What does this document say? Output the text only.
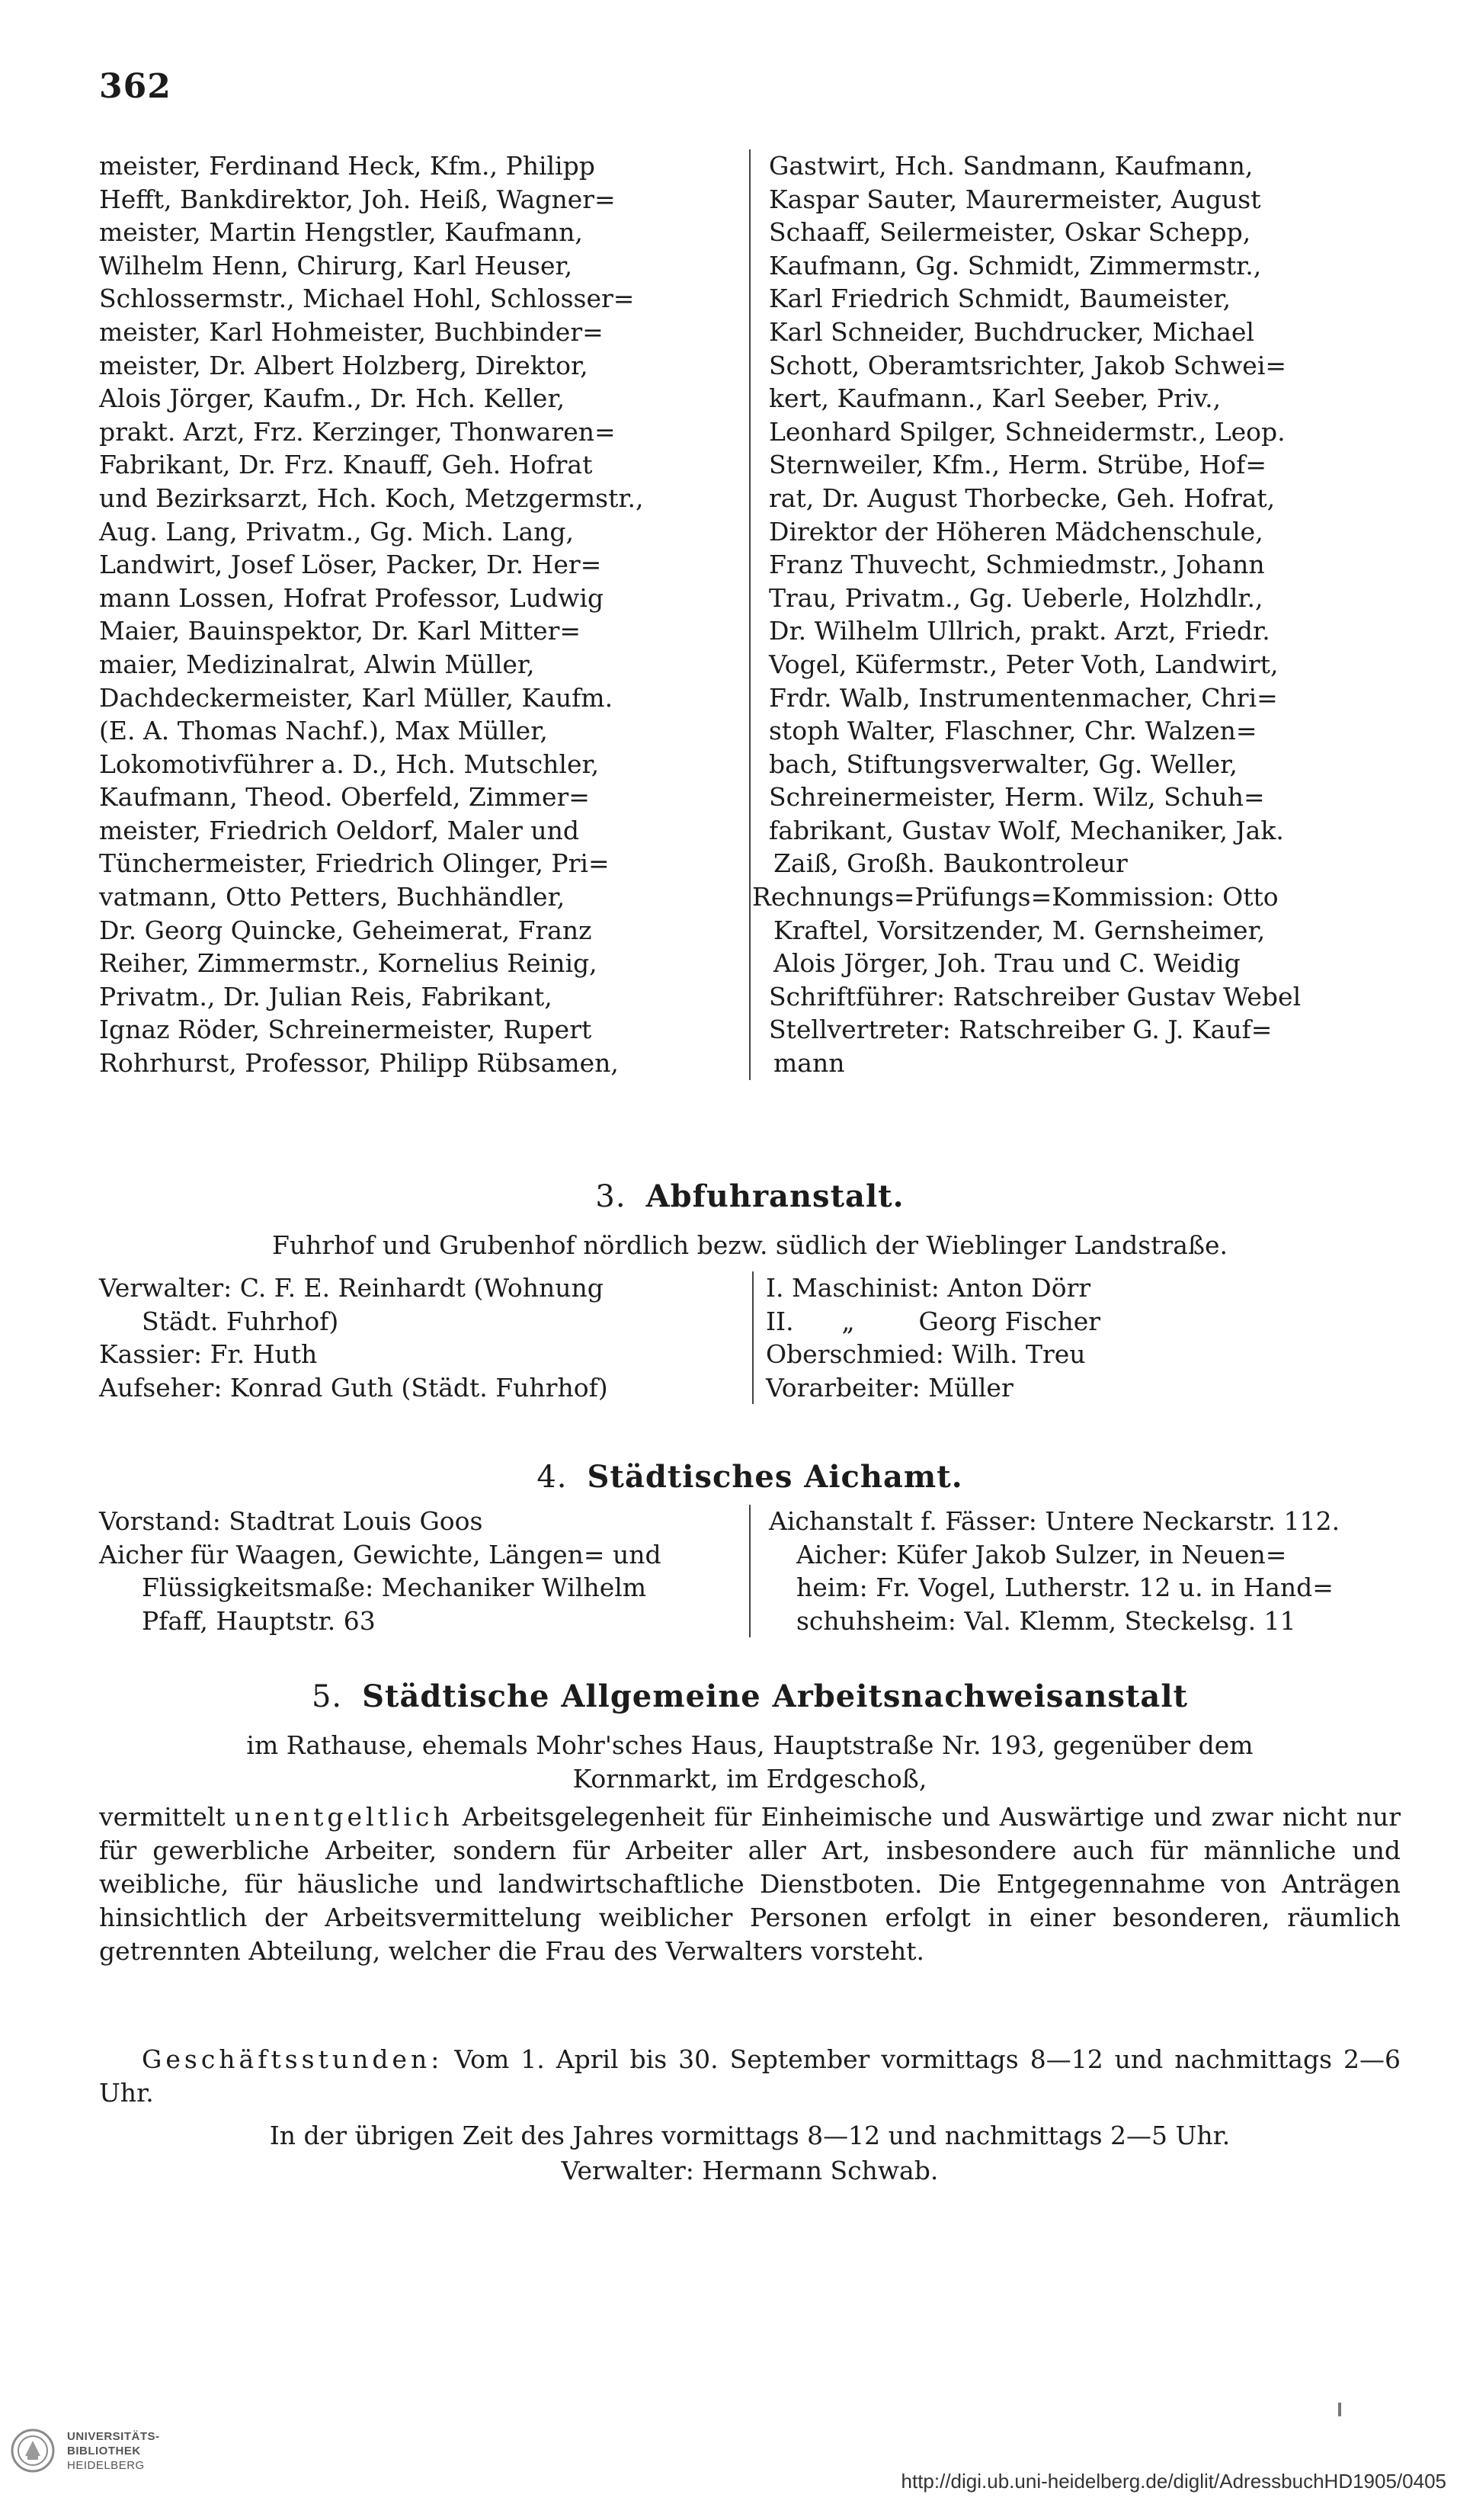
362
meister, Ferdinand Heck, Kfm., Philipp
Hefft, Bankdirektor, Joh. Heiß, Wagner=
meister, Martin Hengstler, Kaufmann,
Wilhelm Henn, Chirurg, Karl Heuser,
Schlossermstr., Michael Hohl, Schlosser=
meister, Karl Hohmeister, Buchbinder=
meister, Dr. Albert Holzberg, Direktor,
Alois Jörger, Kaufm., Dr. Hch. Keller,
prakt. Arzt, Frz. Kerzinger, Thonwaren=
Fabrikant, Dr. Frz. Knauff, Geh. Hofrat
und Bezirksarzt, Hch. Koch, Metzgermstr.,
Aug. Lang, Privatm., Gg. Mich. Lang,
Landwirt, Josef Löser, Packer, Dr. Her=
mann Lossen, Hofrat Professor, Ludwig
Maier, Bauinspektor, Dr. Karl Mitter=
maier, Medizinalrat, Alwin Müller,
Dachdeckermeister, Karl Müller, Kaufm.
(E. A. Thomas Nachf.), Max Müller,
Lokomotivführer a. D., Hch. Mutschler,
Kaufmann, Theod. Oberfeld, Zimmer=
meister, Friedrich Oeldorf, Maler und
Tünchermeister, Friedrich Olinger, Pri=
vatmann, Otto Petters, Buchhändler,
Dr. Georg Quincke, Geheimerat, Franz
Reiher, Zimmermstr., Kornelius Reinig,
Privatm., Dr. Julian Reis, Fabrikant,
Ignaz Röder, Schreinermeister, Rupert
Rohrhurst, Professor, Philipp Rübsamen,
Gastwirt, Hch. Sandmann, Kaufmann,
Kaspar Sauter, Maurermeister, August
Schaaff, Seilermeister, Oskar Schepp,
Kaufmann, Gg. Schmidt, Zimmermstr.,
Karl Friedrich Schmidt, Baumeister,
Karl Schneider, Buchdrucker, Michael
Schott, Oberamtsrichter, Jakob Schwei=
kert, Kaufmann., Karl Seeber, Priv.,
Leonhard Spilger, Schneidermstr., Leop.
Sternweiler, Kfm., Herm. Strübe, Hof=
rat, Dr. August Thorbecke, Geh. Hofrat,
Direktor der Höheren Mädchenschule,
Franz Thuvecht, Schmiedmstr., Johann
Trau, Privatm., Gg. Ueberle, Holzhdlr.,
Dr. Wilhelm Ullrich, prakt. Arzt, Friedr.
Vogel, Küfermstr., Peter Voth, Landwirt,
Frdr. Walb, Instrumentenmacher, Chri=
stoph Walter, Flaschner, Chr. Walzen=
bach, Stiftungsverwalter, Gg. Weller,
Schreinermeister, Herm. Wilz, Schuh=
fabrikant, Gustav Wolf, Mechaniker, Jak.
Zaiß, Großh. Baukontroleur
Rechnungs=Prüfungs=Kommission: Otto
Kraftel, Vorsitzender, M. Gernsheimer,
Alois Jörger, Joh. Trau und C. Weidig
Schriftführer: Ratschreiber Gustav Webel
Stellvertreter: Ratschreiber G. J. Kauf=
mann
3. Abfuhranstalt.
Fuhrhof und Grubenhof nördlich bezw. südlich der Wieblinger Landstraße.
Verwalter: C. F. E. Reinhardt (Wohnung
Städt. Fuhrhof)
Kassier: Fr. Huth
Aufseher: Konrad Guth (Städt. Fuhrhof)
I. Maschinist: Anton Dörr
II.      „        Georg Fischer
Oberschmied: Wilh. Treu
Vorarbeiter: Müller
4. Städtisches Aichamt.
Vorstand: Stadtrat Louis Goos
Aicher für Waagen, Gewichte, Längen= und
Flüssigkeitsmaße: Mechaniker Wilhelm
Pfaff, Hauptstr. 63
Aichanstalt f. Fässer: Untere Neckarstr. 112.
Aicher: Küfer Jakob Sulzer, in Neuen=
heim: Fr. Vogel, Lutherstr. 12 u. in Hand=
schuhsheim: Val. Klemm, Steckelsg. 11
5. Städtische Allgemeine Arbeitsnachweisanstalt
im Rathause, ehemals Mohr'sches Haus, Hauptstraße Nr. 193, gegenüber dem
Kornmarkt, im Erdgeschoß,

vermittelt unentgeltlich Arbeitsgelegenheit für Einheimische und Auswärtige und zwar nicht nur für gewerbliche Arbeiter, sondern für Arbeiter aller Art, insbesondere auch für männliche und weibliche, für häusliche und landwirtschaftliche Dienstboten. Die Entgegennahme von Anträgen hinsichtlich der Arbeitsvermittelung weiblicher Personen erfolgt in einer besonderen, räumlich getrennten Abteilung, welcher die Frau des Verwalters vorsteht.

Geschäftsstunden: Vom 1. April bis 30. September vormittags 8—12 und nachmittags 2—6 Uhr.

In der übrigen Zeit des Jahres vormittags 8—12 und nachmittags 2—5 Uhr.
Verwalter: Hermann Schwab.
UNIVERSITÄTS-
BIBLIOTHEK
HEIDELBERG
http://digi.ub.uni-heidelberg.de/diglit/AdressbuchHD1905/0405
